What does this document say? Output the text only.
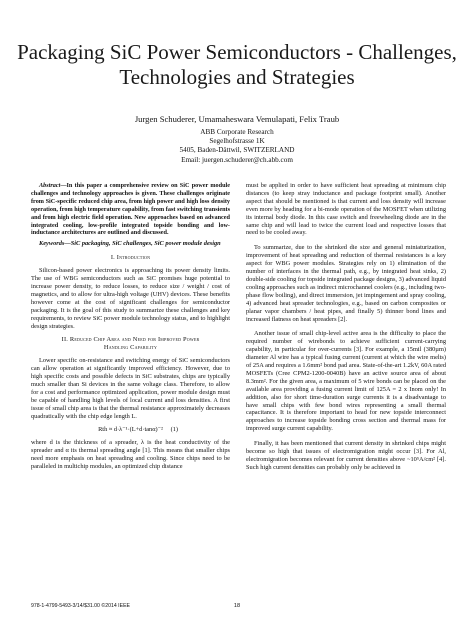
Packaging SiC Power Semiconductors - Challenges,
Technologies and Strategies
Jurgen Schuderer, Umamaheswara Vemulapati, Felix Traub
ABB Corporate Research
Segelhofstrasse 1K
5405, Baden-Dättwil, SWITZERLAND
Email: juergen.schuderer@ch.abb.com

Abstract—In this paper a comprehensive review on SiC power module challenges and technology approaches is given. These challenges originate from SiC-specific reduced chip area, from high power and high loss density operation, from high temperature capability, from fast switching transients and from high electric field operation. New approaches based on advanced integrated cooling, low-profile integrated topside bonding and low-inductance architectures are outlined and discussed.

Keywords—SiC packaging, SiC challenges, SiC power module design

I. Introduction

Silicon-based power electronics is approaching its power density limits. The use of WBG semiconductors such as SiC promises huge potential to increase power density, to reduce losses, to reduce size / weight / cost of magnetics, and to allow for ultra-high voltage (UHV) devices. These benefits however come at the cost of significant challenges for semiconductor packaging. It is the goal of this study to summarize these challenges and key requirements, to review SiC power module technology status, and to highlight design strategies.

II. Reduced Chip Area and Need for Improved Power
Handling Capability

Lower specific on-resistance and switching energy of SiC semiconductors can allow operation at significantly improved efficiency. However, due to high specific costs and possible defects in SiC substrates, chips are typically much smaller than Si devices in the same voltage class. Therefore, to allow for a cost and performance optimized application, power module design must be capable of handling high levels of local current and loss densities. A first issue of small chip area is that the thermal resistance approximately decreases quadratically with the chip edge length L.

Rth ≈ d·λ⁻¹·(L+d·tanα)⁻² (1)

where d is the thickness of a spreader, λ is the heat conductivity of the spreader and α its thermal spreading angle [1]. This means that smaller chips need more emphasis on heat spreading and cooling. Since chips need to be paralleled in multichip modules, an optimized chip distance

must be applied in order to have sufficient heat spreading at minimum chip distances (to keep stray inductance and package footprint small). Another aspect that should be mentioned is that current and loss density will increase even more by heading for a bi-mode operation of the MOSFET when utilizing its internal body diode. In this case switch and freewheeling diode are in the same chip and will lead to twice the current load and respective losses that need to be cooled away.

To summarize, due to the shrinked die size and general miniaturization, improvement of heat spreading and reduction of thermal resistances is a key aspect for WBG power modules. Strategies rely on 1) elimination of the number of interfaces in the thermal path, e.g., by integrated heat sinks, 2) double-side cooling for topside integrated package designs, 3) advanced liquid cooling approaches such as indirect microchannel coolers (e.g., including two-phase flow boiling), and direct immersion, jet impingement and spray cooling, 4) advanced heat spreader technologies, e.g., based on carbon composites or planar vapor chambers / heat pipes, and finally 5) thinner bond lines and increased flatness on heat spreaders [2].

Another issue of small chip-level active area is the difficulty to place the required number of wirebonds to achieve sufficient current-carrying capability, in particular for over-currents [3]. For example, a 15mil (380µm) diameter Al wire has a typical fusing current (current at which the wire melts) of 25A and requires a 1.6mm² bond pad area. State-of-the-art 1.2kV, 60A rated MOSFETs (Cree CPM2-1200-0040B) have an active source area of about 8.3mm². For the given area, a maximum of 5 wire bonds can be placed on the available area providing a fusing current limit of 125A = 2 x Inom only! In addition, also for short time-duration surge currents it is a disadvantage to have small chips with few bond wires representing a small thermal capacitance. It is therefore important to head for new topside interconnect approaches to increase topside bonding cross section and thermal mass for improved surge current capability.

Finally, it has been mentioned that current density in shrinked chips might become so high that issues of electromigration might occur [3]. For Al, electromigration becomes relevant for current densities above ~10⁵A/cm² [4]. Such high current densities can probably only be achieved in

978-1-4799-5493-3/14/$31.00 ©2014 IEEE	18
